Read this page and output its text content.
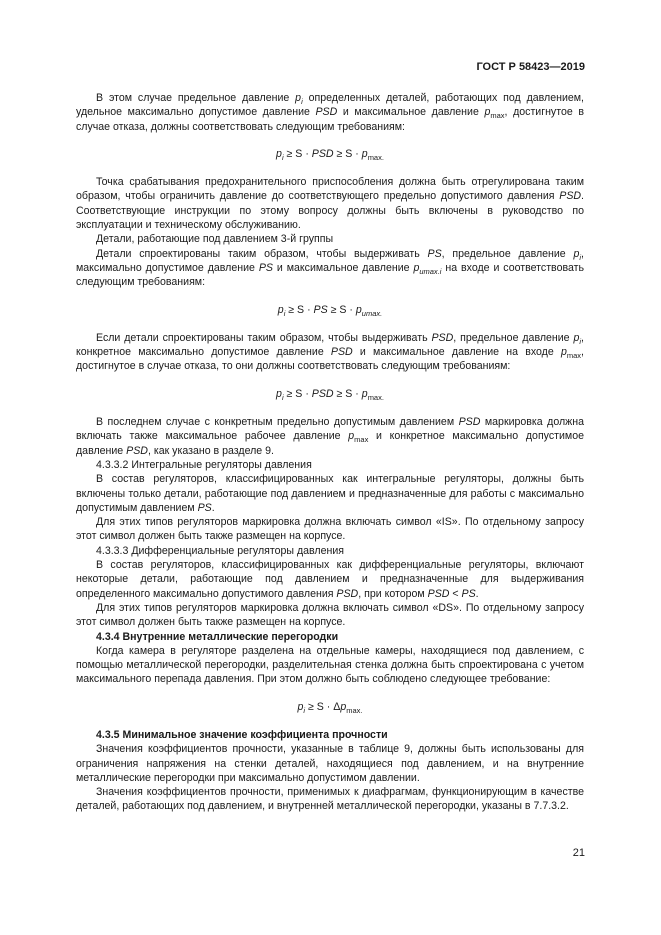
ГОСТ Р 58423—2019

В этом случае предельное давление $p_i$ определенных деталей, работающих под давлением, удельное максимально допустимое давление PSD и максимальное давление $p_{max}$, достигнутое в случае отказа, должны соответствовать следующим требованиям:

$p_i \ge S$ · PSD ≥ $S \cdot p_{max.}$

Точка срабатывания предохранительного приспособления должна быть отрегулирована таким образом, чтобы ограничить давление до соответствующего предельно допустимого давления PSD. Соответствующие инструкции по этому вопросу должны быть включены в руководство по эксплуатации и техническому обслуживанию.

Детали, работающие под давлением 3-й группы

Детали спроектированы таким образом, чтобы выдерживать PS, предельное давление $p_i$, максимально допустимое давление PS и максимальное давление $p_{umax.i}$ на входе и соответствовать следующим требованиям:

$p_i \ge S$ · PS ≥ $S \cdot p_{umax.}$

Если детали спроектированы таким образом, чтобы выдерживать PSD, предельное давление $p_i$, конкретное максимально допустимое давление PSD и максимальное давление на входе $p_{max}$, достигнутое в случае отказа, то они должны соответствовать следующим требованиям:

$p_i \ge S$ · PSD ≥ $S \cdot p_{max.}$

В последнем случае с конкретным предельно допустимым давлением PSD маркировка должна включать также максимальное рабочее давление $p_{max}$ и конкретное максимально допустимое давление PSD, как указано в разделе 9.

4.3.3.2 Интегральные регуляторы давления

В состав регуляторов, классифицированных как интегральные регуляторы, должны быть включены только детали, работающие под давлением и предназначенные для работы с максимально допустимым давлением PS.

Для этих типов регуляторов маркировка должна включать символ «IS». По отдельному запросу этот символ должен быть также размещен на корпусе.

4.3.3.3 Дифференциальные регуляторы давления

В состав регуляторов, классифицированных как дифференциальные регуляторы, включают некоторые детали, работающие под давлением и предназначенные для выдерживания определенного максимально допустимого давления PSD, при котором PSD < PS.

Для этих типов регуляторов маркировка должна включать символ «DS». По отдельному запросу этот символ должен быть также размещен на корпусе.

4.3.4 Внутренние металлические перегородки

Когда камера в регуляторе разделена на отдельные камеры, находящиеся под давлением, с помощью металлической перегородки, разделительная стенка должна быть спроектирована с учетом максимального перепада давления. При этом должно быть соблюдено следующее требование:

$p_i \ge S \cdot \Delta p_{max.}$

4.3.5 Минимальное значение коэффициента прочности

Значения коэффициентов прочности, указанные в таблице 9, должны быть использованы для ограничения напряжения на стенки деталей, находящиеся под давлением, и на внутренние металлические перегородки при максимально допустимом давлении.

Значения коэффициентов прочности, применимых к диафрагмам, функционирующим в качестве деталей, работающих под давлением, и внутренней металлической перегородки, указаны в 7.7.3.2.

21
